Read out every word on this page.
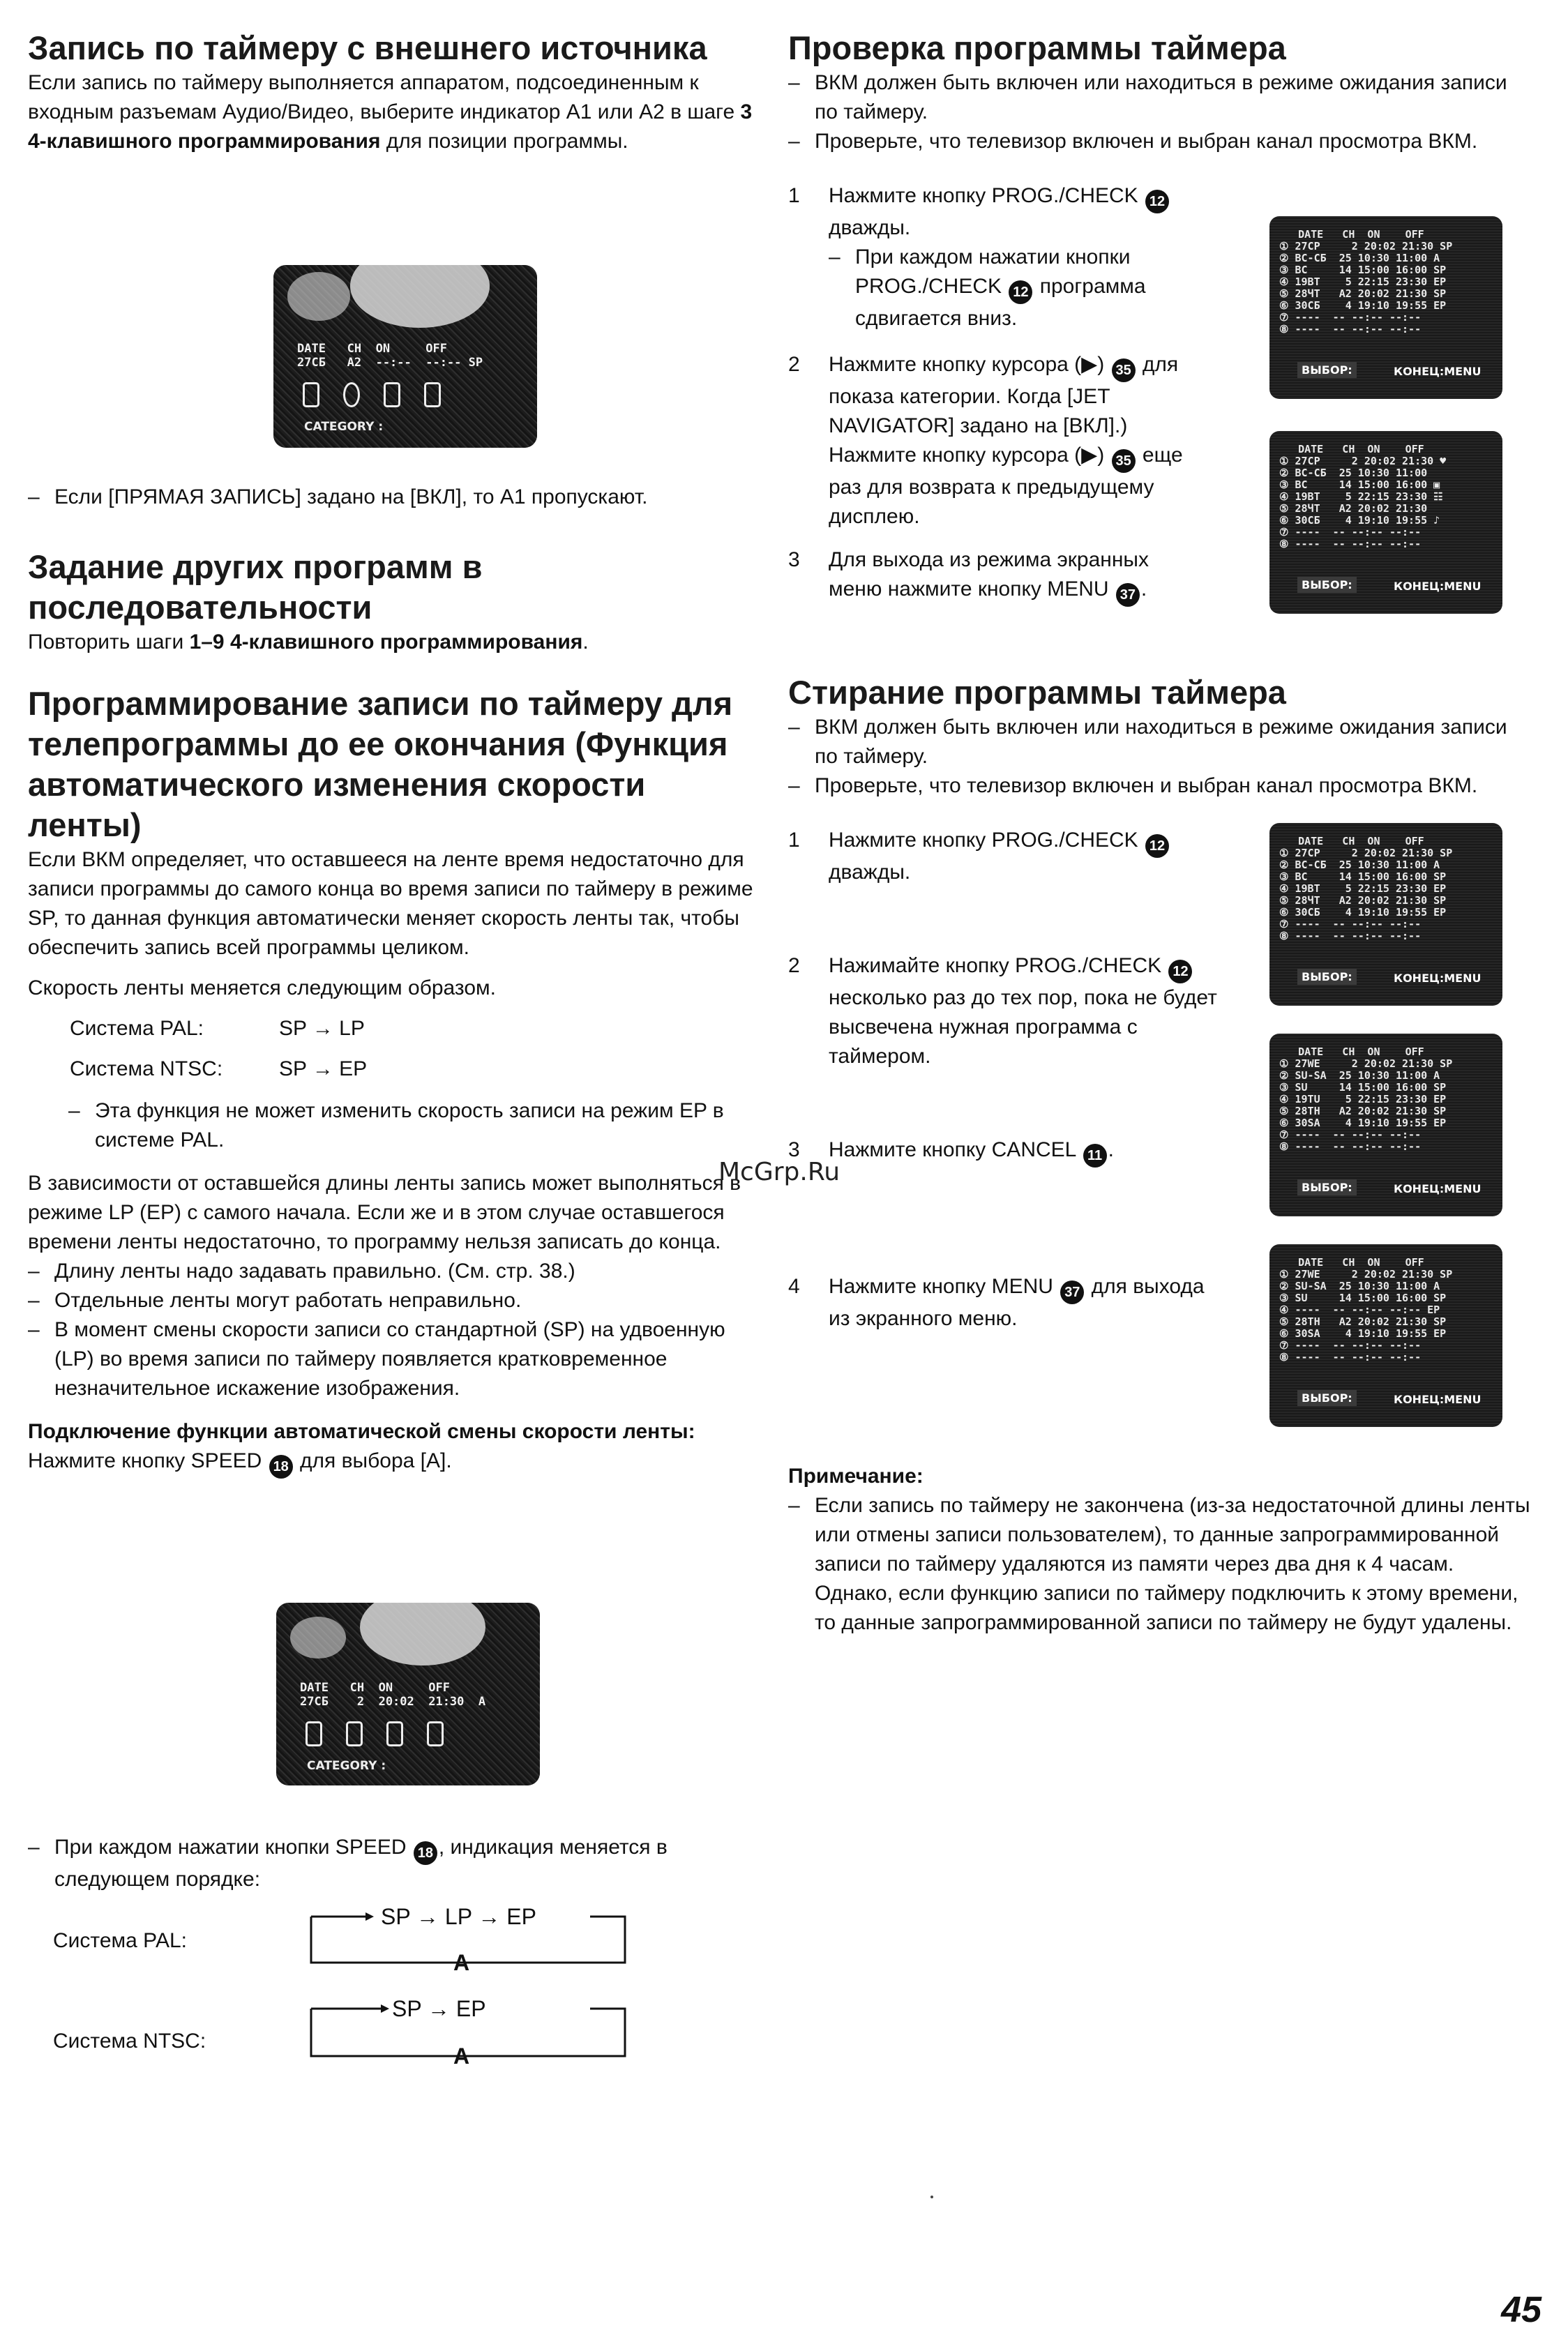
Запись по таймеру с внешнего источника

Если запись по таймеру выполняется аппаратом, подсоединенным к входным разъемам Аудио/Видео, выберите индикатор А1 или А2 в шаге 3 4-клавишного программирования для позиции программы.

DATE   CH  ON     OFF
27СБ   A2  --:--  --:-- SP
CATEGORY :
– Если [ПРЯМАЯ ЗАПИСЬ] задано на [ВКЛ], то А1 пропускают.
Задание других программ в последовательности

Повторить шаги 1–9 4-клавишного программирования.

Программирование записи по таймеру для телепрограммы до ее окончания (Функция автоматического изменения скорости ленты)

Если ВКМ определяет, что оставшееся на ленте время недостаточно для записи программы до самого конца во время записи по таймеру в режиме SP, то данная функция автоматически меняет скорость ленты так, чтобы обеспечить запись всей программы целиком.

Скорость ленты меняется следующим образом.

Система PAL:	SP → LP
Система NTSC:	SP → EP
– Эта функция не может изменить скорость записи на режим EP в системе PAL.

В зависимости от оставшейся длины ленты запись может выполняться в режиме LP (EP) с самого начала. Если же и в этом случае оставшегося времени ленты недостаточно, то программу нельзя записать до конца.

– Длину ленты надо задавать правильно. (См. стр. 38.)
– Отдельные ленты могут работать неправильно.
– В момент смены скорости записи со стандартной (SP) на удвоенную (LP) во время записи по таймеру появляется кратковременное незначительное искажение изображения.

Подключение функции автоматической смены скорости ленты:

Нажмите кнопку SPEED 18 для выбора [A].

DATE   CH  ON     OFF
27СБ    2  20:02  21:30  A
CATEGORY :
– При каждом нажатии кнопки SPEED 18 , индикация меняется в следующем порядке:
Система PAL:
SP → LP → EP
A
Система NTSC:
SP → EP
A
Проверка программы таймера
– ВКМ должен быть включен или находиться в режиме ожидания записи по таймеру.
– Проверьте, что телевизор включен и выбран канал просмотра ВКМ.
1 Нажмите кнопку PROG./CHECK 12 дважды.
– При каждом нажатии кнопки PROG./CHECK 12 программа сдвигается вниз.
2 Нажмите кнопку курсора (▶) 35 для показа категории. Когда [JET NAVIGATOR] задано на [ВКЛ].) Нажмите кнопку курсора (▶) 35 еще раз для возврата к предыдущему дисплею.
3 Для выхода из режима экранных меню нажмите кнопку MENU 37 .
DATE   CH  ON    OFF
① 27СР     2 20:02 21:30 SP
② ВС-СБ  25 10:30 11:00 A
③ ВС     14 15:00 16:00 SP
④ 19ВТ    5 22:15 23:30 EP
⑤ 28ЧТ   A2 20:02 21:30 SP
⑥ 30СБ    4 19:10 19:55 EP
⑦ ----  -- --:-- --:--
⑧ ----  -- --:-- --:--
ВЫБОР:	КОНЕЦ:MENU
DATE   CH  ON    OFF
① 27СР     2 20:02 21:30 ♥
② ВС-СБ  25 10:30 11:00
③ ВС     14 15:00 16:00 ▣
④ 19ВТ    5 22:15 23:30 ☷
⑤ 28ЧТ   A2 20:02 21:30
⑥ 30СБ    4 19:10 19:55 ♪
⑦ ----  -- --:-- --:--
⑧ ----  -- --:-- --:--
ВЫБОР:	КОНЕЦ:MENU
Стирание программы таймера
– ВКМ должен быть включен или находиться в режиме ожидания записи по таймеру.
– Проверьте, что телевизор включен и выбран канал просмотра ВКМ.
1 Нажмите кнопку PROG./CHECK 12 дважды.
2 Нажимайте кнопку PROG./CHECK 12 несколько раз до тех пор, пока не будет высвечена нужная программа с таймером.
3 Нажмите кнопку CANCEL 11 .
4 Нажмите кнопку MENU 37 для выхода из экранного меню.
DATE   CH  ON    OFF
① 27СР     2 20:02 21:30 SP
② ВС-СБ  25 10:30 11:00 A
③ ВС     14 15:00 16:00 SP
④ 19ВТ    5 22:15 23:30 EP
⑤ 28ЧТ   A2 20:02 21:30 SP
⑥ 30СБ    4 19:10 19:55 EP
⑦ ----  -- --:-- --:--
⑧ ----  -- --:-- --:--
ВЫБОР:	КОНЕЦ:MENU
DATE   CH  ON    OFF
① 27WE     2 20:02 21:30 SP
② SU-SA  25 10:30 11:00 A
③ SU     14 15:00 16:00 SP
④ 19TU    5 22:15 23:30 EP
⑤ 28TH   A2 20:02 21:30 SP
⑥ 30SA    4 19:10 19:55 EP
⑦ ----  -- --:-- --:--
⑧ ----  -- --:-- --:--
ВЫБОР:	КОНЕЦ:MENU
DATE   CH  ON    OFF
① 27WE     2 20:02 21:30 SP
② SU-SA  25 10:30 11:00 A
③ SU     14 15:00 16:00 SP
④ ----  -- --:-- --:-- EP
⑤ 28TH   A2 20:02 21:30 SP
⑥ 30SA    4 19:10 19:55 EP
⑦ ----  -- --:-- --:--
⑧ ----  -- --:-- --:--
ВЫБОР:	КОНЕЦ:MENU

Примечание:

– Если запись по таймеру не закончена (из-за недостаточной длины ленты или отмены записи пользователем), то данные запрограммированной записи по таймеру удаляются из памяти через два дня к 4 часам.

Однако, если функцию записи по таймеру подключить к этому времени, то данные запрограммированной записи по таймеру не будут удалены.

McGrp.Ru
45
